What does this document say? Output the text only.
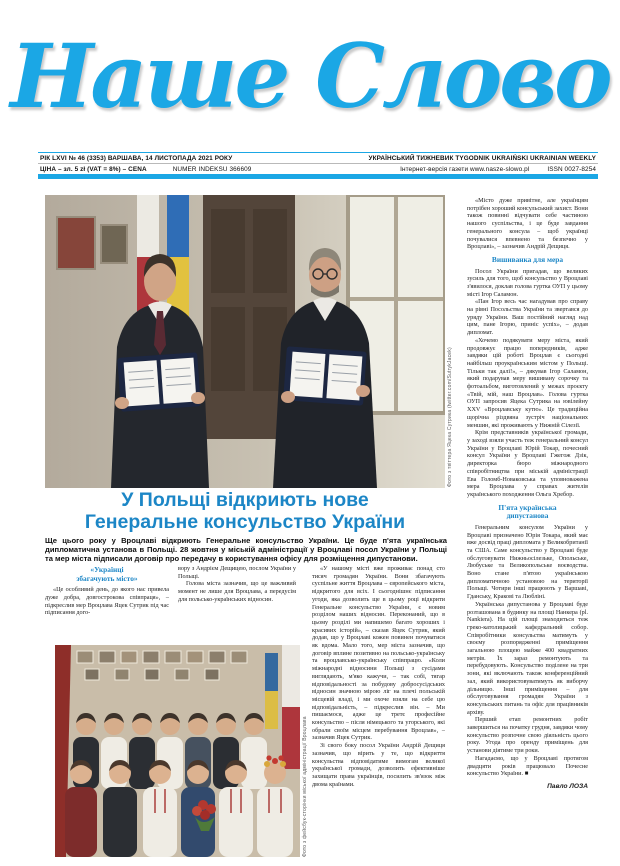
Наше Слово
РІК LXVI № 46 (3353) ВАРШАВА, 14 ЛИСТОПАДА 2021 РОКУ	УКРАЇНСЬКИЙ ТИЖНЕВИК TYGODNIK UKRAIŃSKI UKRAINIAN WEEKLY
ЦІНА – зл. 5 zł (VAT = 8%) – CENA	NUMER INDEKSU 366609	Інтернет-версія газети www.nasze-slowo.pl	ISSN 0027-8254
Фото з твіттера Яцека Сутрика (twitter.com/SutrykJacek)
У Польщі відкриють нове
Генеральне консульство України
Ще цього року у Вроцлаві відкриють Генеральне консульство України. Це буде п'ята українська дипломатична установа в Польщі. 28 жовтня у міській адміністрації у Вроцлаві посол України у Польщі та мер міста підписали договір про передачу в користування офісу для розміщення дипустанови.
«Українці
збагачують місто»

«Це особливий день, до якого нас привела дуже добра, довгострокова співпраця», – підкреслив мер Вроцлава Яцек Сутрик під час підписання дого-

вору з Андрієм Дещицею, послом України у Польщі.

Голова міста зазначив, що це важливий момент не лише для Вроцлава, а передусім для польсько-українських відносин.

«У нашому місті вже проживає понад сто тисяч громадян України. Вони збагачують суспільне життя Вроцлава – європейського міста, відкритого для всіх. І сьогоднішнє підписання угоди, яка дозволить ще в цьому році відкрити Генеральне консульство України, є новим розділом наших відносин. Переконаний, що в цьому розділі ми напишемо багато хороших і красивих історій», – сказав Яцек Сутрик, який додав, що у Вроцлаві кожен повинен почуватися як вдома. Мало того, мер міста зазначив, що договір вплине позитивно на польсько-українську та вроцлавсько-українську співпрацю. «Коли міжнародні відносини Польщі з сусідами виглядають, м'яко кажучи, – так собі, тягар відповідальності за побудову добросусідських відносин значною мірою ліг на плечі польській місцевій владі, і ми охоче взяли на себе цю відповідальність, – підкреслив він. – Ми пишаємося, адже це третє професійне консульство – після німецького та угорського, які обрали своїм місцем перебування Вроцлав», – зазначив Яцек Сутрик.

Зі свого боку посол України Андрій Дещиця зазначив, що вірить у те, що відкриття консульства відповідатиме вимогам великої української громади, дозволить ефективніше захищати права українців, посилить зв'язок між двома країнами.

Фото з фейсбук-сторінки міської адміністрації Вроцлава

«Місто дуже привітне, але українцям потрібен хороший консульський захист. Вони також повинні відчувати себе частиною нашого суспільства, і це буде завдання генерального консула – щоб українці почувалися впевнено та безпечно у Вроцлаві», – зазначив Андрій Дещиця.

Вишиванка для мера

Посол України пригадав, що великих зусиль для того, щоб консульство у Вроцлаві з'явилося, доклав голова гуртка ОУП у цьому місті Ігор Саламон.

«Пан Ігор весь час нагадував про справу на рівні Посольства України та звертався до уряду України. Ваш постійний нагляд над цим, пане Ігорю, приніс успіх», – додав дипломат.

«Хочемо подякувати меру міста, який продовжує працю попередників, адже завдяки цій роботі Вроцлав є сьогодні найбільш проукраїнським містом у Польщі. Тільки так далі!», – дякував Ігор Саламон, який подарував меру вишивану сорочку та фотоальбом, виготовлений у межах проєкту «Твій, мій, наш Вроцлав». Голова гуртка ОУП запросив Яцека Сутрика на ювілейну XXV «Вроцлавську кутю». Це традиційна щорічна різдвяна зустріч національних меншин, які проживають у Нижній Сілезії.

Крім представників української громади, у заході взяли участь теж генеральний консул України у Вроцлаві Юрій Токар, почесний консул України у Вроцлаві Гжегож Дзік, директорка бюро міжнародного співробітництва при міській адміністрації Ева Голомб-Новаковська та уповноважена мера Вроцлава у справах жителів українського походження Ольга Хребор.

П'ята українська
дипустанова

Генеральним консулом України у Вроцлаві призначено Юрія Токара, який має вже досвід праці дипломата у Великобританії та США. Саме консульство у Вроцлаві буде обслуговувати Нижньосілезьке, Опольське, Любуське та Великопольське воєводства. Воно стане п'ятою українською дипломатичною установою на території Польщі. Чотири інші працюють у Варшаві, Гданську, Кракові та Любліні.

Українська дипустанова у Вроцлаві буде розташована в будинку на площі Нанкера (pl. Nankiera). На цій площі знаходиться теж греко-католицький кафедральний собор. Співробітники консульства матимуть у своєму розпорядженні приміщення загальною площею майже 400 квадратних метрів. Їх зараз ремонтують та перебудовують. Консульство поділене на три зони, які включають також конференційний зал, який використовуватимуть як виборчу дільницю. Інші приміщення – для обслуговування громадян України з консульських питань та офіс для працівників архіву.

Перший етап ремонтних робіт завершиться на початку грудня, завдяки чому консульство розпочне свою діяльність цього року. Угода про оренду приміщень для установи діятиме три роки.

Нагадаємо, що у Вроцлаві протягом двадцяти років працювало Почесне консульство України. ■

Павло ЛОЗА
